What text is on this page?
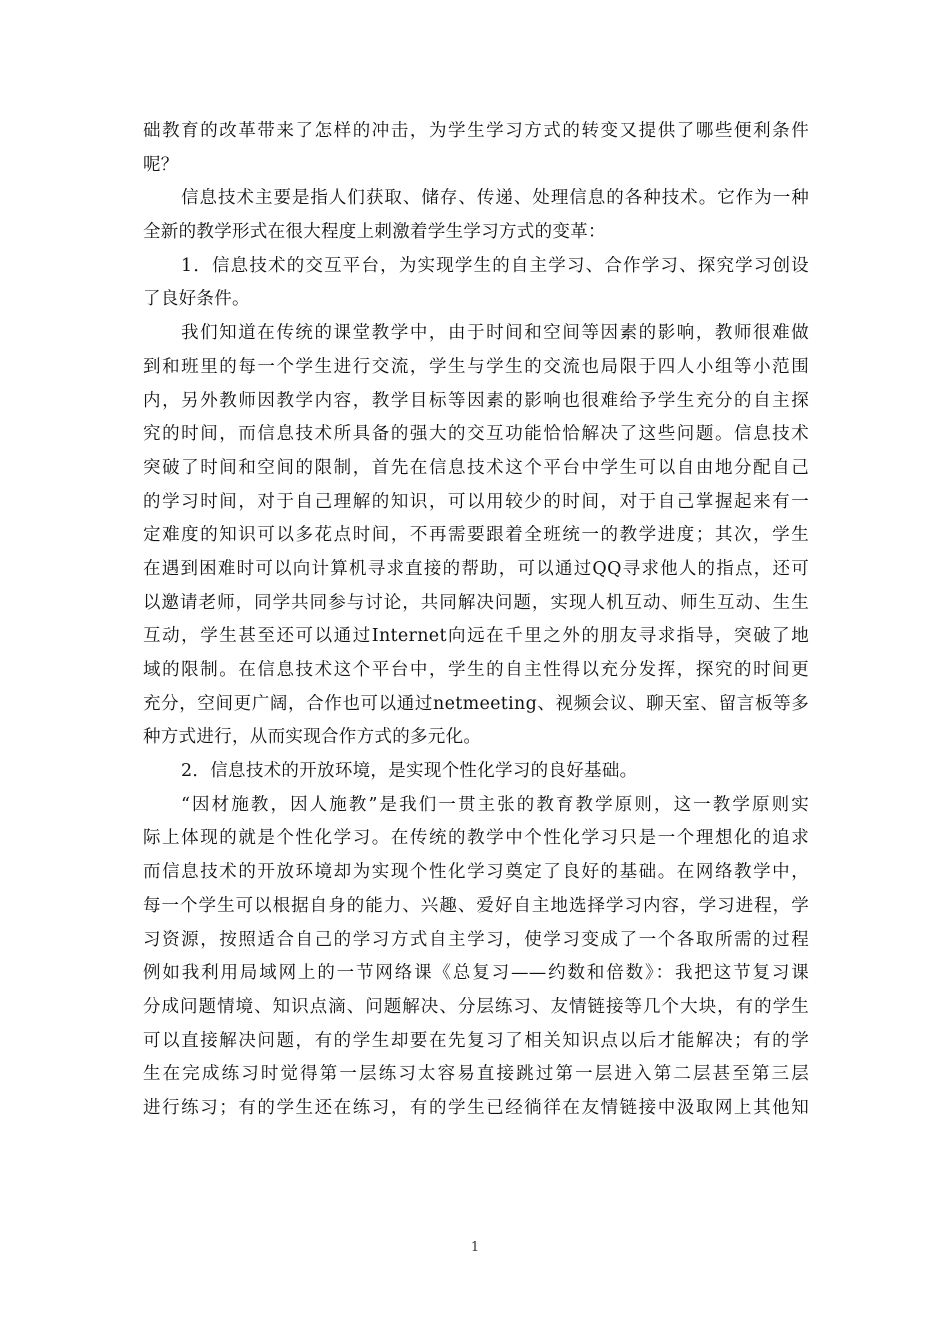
础教育的改革带来了怎样的冲击，为学生学习方式的转变又提供了哪些便利条件
呢？
信息技术主要是指人们获取、储存、传递、处理信息的各种技术。它作为一种
全新的教学形式在很大程度上刺激着学生学习方式的变革：
1．信息技术的交互平台，为实现学生的自主学习、合作学习、探究学习创设
了良好条件。
我们知道在传统的课堂教学中，由于时间和空间等因素的影响，教师很难做
到和班里的每一个学生进行交流，学生与学生的交流也局限于四人小组等小范围
内，另外教师因教学内容，教学目标等因素的影响也很难给予学生充分的自主探
究的时间，而信息技术所具备的强大的交互功能恰恰解决了这些问题。信息技术
突破了时间和空间的限制，首先在信息技术这个平台中学生可以自由地分配自己
的学习时间，对于自己理解的知识，可以用较少的时间，对于自己掌握起来有一
定难度的知识可以多花点时间，不再需要跟着全班统一的教学进度；其次，学生
在遇到困难时可以向计算机寻求直接的帮助，可以通过QQ寻求他人的指点，还可
以邀请老师，同学共同参与讨论，共同解决问题，实现人机互动、师生互动、生生
互动，学生甚至还可以通过Internet向远在千里之外的朋友寻求指导，突破了地
域的限制。在信息技术这个平台中，学生的自主性得以充分发挥，探究的时间更
充分，空间更广阔，合作也可以通过netmeeting、视频会议、聊天室、留言板等多
种方式进行，从而实现合作方式的多元化。
2．信息技术的开放环境，是实现个性化学习的良好基础。
“因材施教，因人施教”是我们一贯主张的教育教学原则，这一教学原则实
际上体现的就是个性化学习。在传统的教学中个性化学习只是一个理想化的追求
而信息技术的开放环境却为实现个性化学习奠定了良好的基础。在网络教学中，
每一个学生可以根据自身的能力、兴趣、爱好自主地选择学习内容，学习进程，学
习资源，按照适合自己的学习方式自主学习，使学习变成了一个各取所需的过程
例如我利用局域网上的一节网络课《总复习——约数和倍数》：我把这节复习课
分成问题情境、知识点滴、问题解决、分层练习、友情链接等几个大块，有的学生
可以直接解决问题，有的学生却要在先复习了相关知识点以后才能解决；有的学
生在完成练习时觉得第一层练习太容易直接跳过第一层进入第二层甚至第三层
进行练习；有的学生还在练习，有的学生已经徜徉在友情链接中汲取网上其他知
1
